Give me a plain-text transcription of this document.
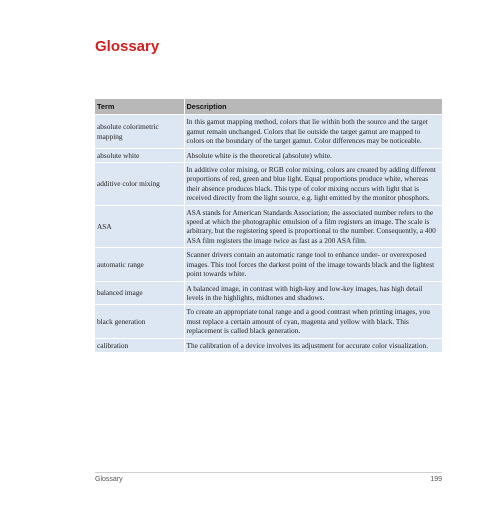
Glossary
Term	Description
absolute colorimetric mapping	In this gamut mapping method, colors that lie within both the source and the target gamut remain unchanged. Colors that lie outside the target gamut are mapped to colors on the boundary of the target gamut. Color differences may be noticeable.
absolute white	Absolute white is the theoretical (absolute) white.
additive color mixing	In additive color mixing, or RGB color mixing, colors are created by adding different proportions of red, green and blue light. Equal proportions produce white, whereas their absence produces black. This type of color mixing occurs with light that is received directly from the light source, e.g. light emitted by the monitor phosphors.
ASA	ASA stands for American Standards Association; the associated number refers to the speed at which the photographic emulsion of a film registers an image. The scale is arbitrary, but the registering speed is proportional to the number. Consequently, a 400 ASA film registers the image twice as fast as a 200 ASA film.
automatic range	Scanner drivers contain an automatic range tool to enhance under- or overexposed images. This tool forces the darkest point of the image towards black and the lightest point towards white.
balanced image	A balanced image, in contrast with high-key and low-key images, has high detail levels in the highlights, midtones and shadows.
black generation	To create an appropriate tonal range and a good contrast when printing images, you must replace a certain amount of cyan, magenta and yellow with black. This replacement is called black generation.
calibration	The calibration of a device involves its adjustment for accurate color visualization.
Glossary	199
